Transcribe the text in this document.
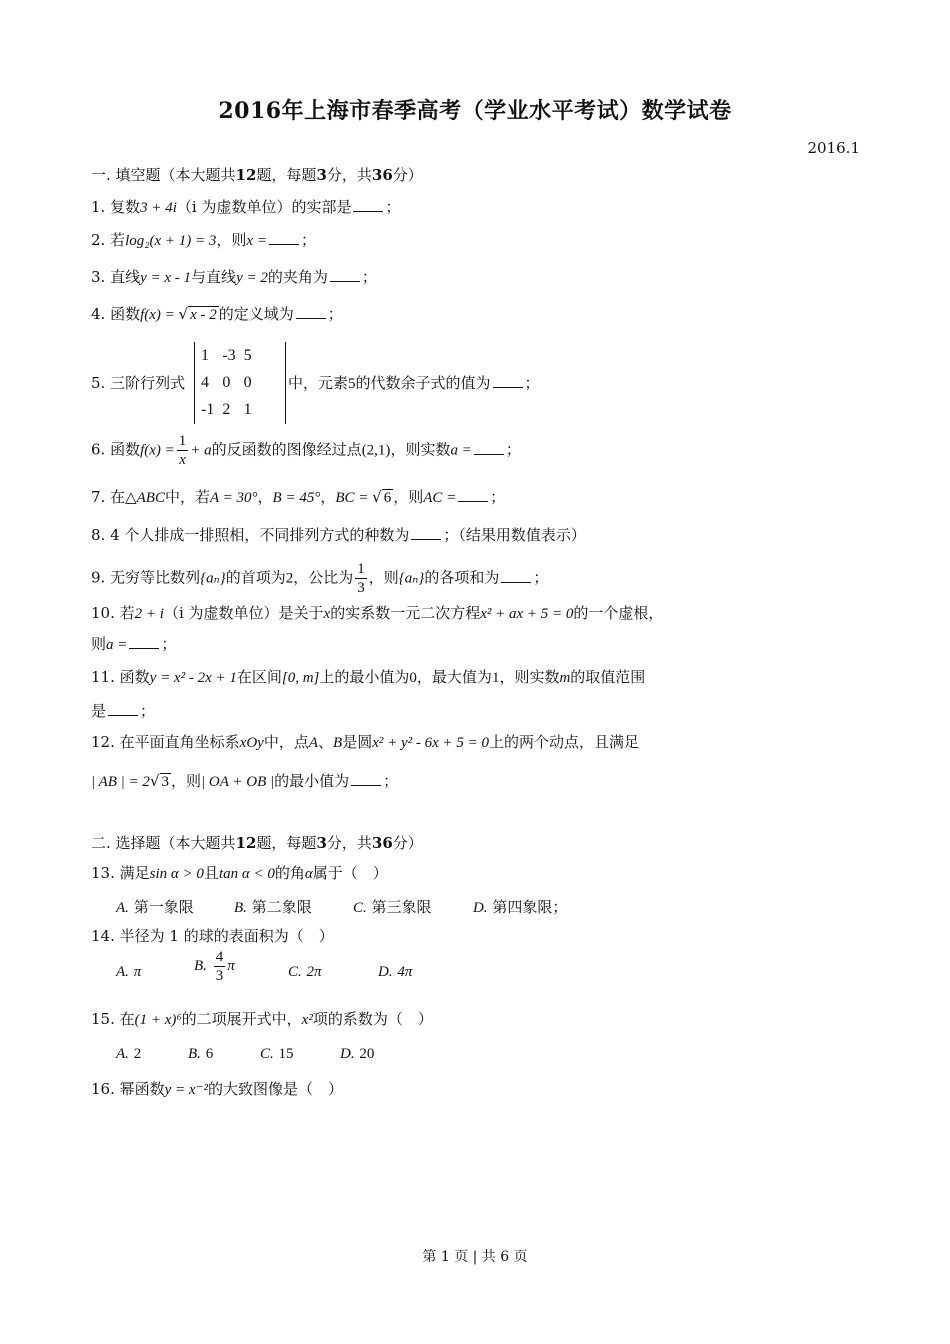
2016年上海市春季高考（学业水平考试）数学试卷
2016.1
一. 填空题（本大题共12题，每题3分，共36分）
1. 复数3 + 4i（i 为虚数单位）的实部是 ；
2. 若log₂(x + 1) = 3，则x = ；
3. 直线y = x - 1与直线y = 2的夹角为 ；
4. 函数f(x) = √ x - 2 的定义域为 ；
5. 三阶行列式
1	-3	5
4	0	0
-1	2	1
中，元素5的代数余子式的值为 ；
6. 函数$f(x) = \frac{1}{x} + a$的反函数的图像经过点(2,1)，则实数a = ；
7. 在△ABC中，若A = 30°，B = 45°，BC = √ 6 ，则AC = ；
8. 4 个人排成一排照相，不同排列方式的种数为 ；（结果用数值表示）
9. 无穷等比数列{aₙ}的首项为2，公比为 $\frac{1}{3}$ ，则{aₙ}的各项和为 ；
10. 若2 + i（i 为虚数单位）是关于x的实系数一元二次方程x² + ax + 5 = 0的一个虚根，
则a = ；
11. 函数y = x² - 2x + 1在区间[0, m]上的最小值为0，最大值为1，则实数m的取值范围
是 ；
12. 在平面直角坐标系xOy中，点A、B是圆x² + y² - 6x + 5 = 0上的两个动点，且满足
| AB | = 2√ 3 ，则| OA + OB |的最小值为 ；
二. 选择题（本大题共12题，每题3分，共36分）
13. 满足sin α > 0且tan α < 0的角α属于（　）
A. 第一象限	B. 第二象限	C. 第三象限	D. 第四象限；
14. 半径为 1 的球的表面积为（　）
A. π	B.
$\frac{4}{3}$ π	C. 2π	D. 4π
15. 在(1 + x)⁶的二项展开式中，x²项的系数为（　）
A. 2	B. 6	C. 15	D. 20
16. 幂函数y = x⁻²的大致图像是（　）
第 1 页 | 共 6 页
